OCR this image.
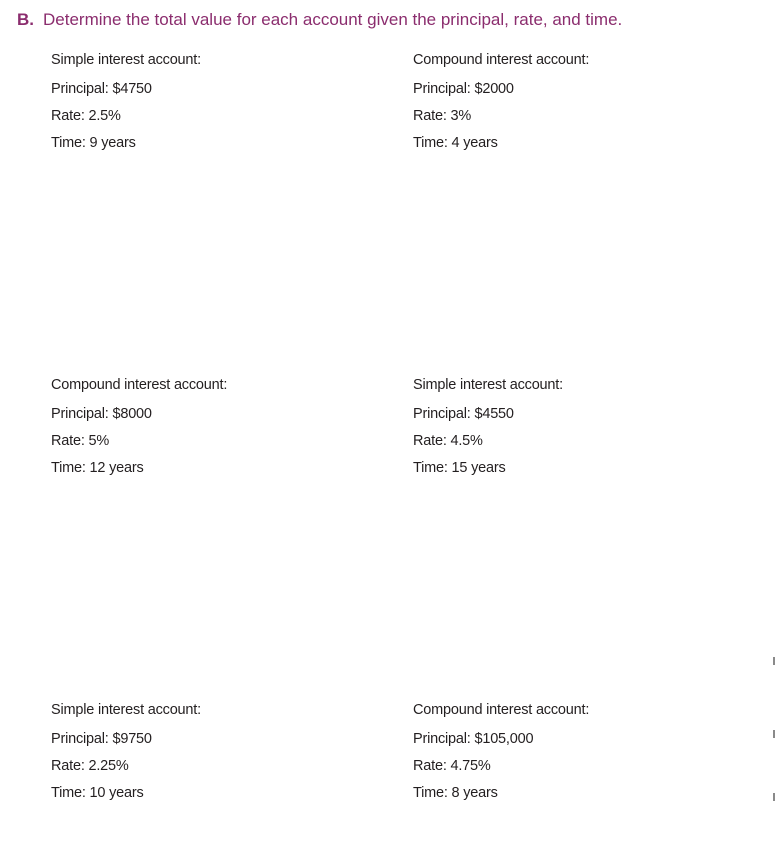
B. Determine the total value for each account given the principal, rate, and time.
Simple interest account:
Principal: $4750
Rate: 2.5%
Time: 9 years
Compound interest account:
Principal: $2000
Rate: 3%
Time: 4 years
Compound interest account:
Principal: $8000
Rate: 5%
Time: 12 years
Simple interest account:
Principal: $4550
Rate: 4.5%
Time: 15 years
Simple interest account:
Principal: $9750
Rate: 2.25%
Time: 10 years
Compound interest account:
Principal: $105,000
Rate: 4.75%
Time: 8 years
